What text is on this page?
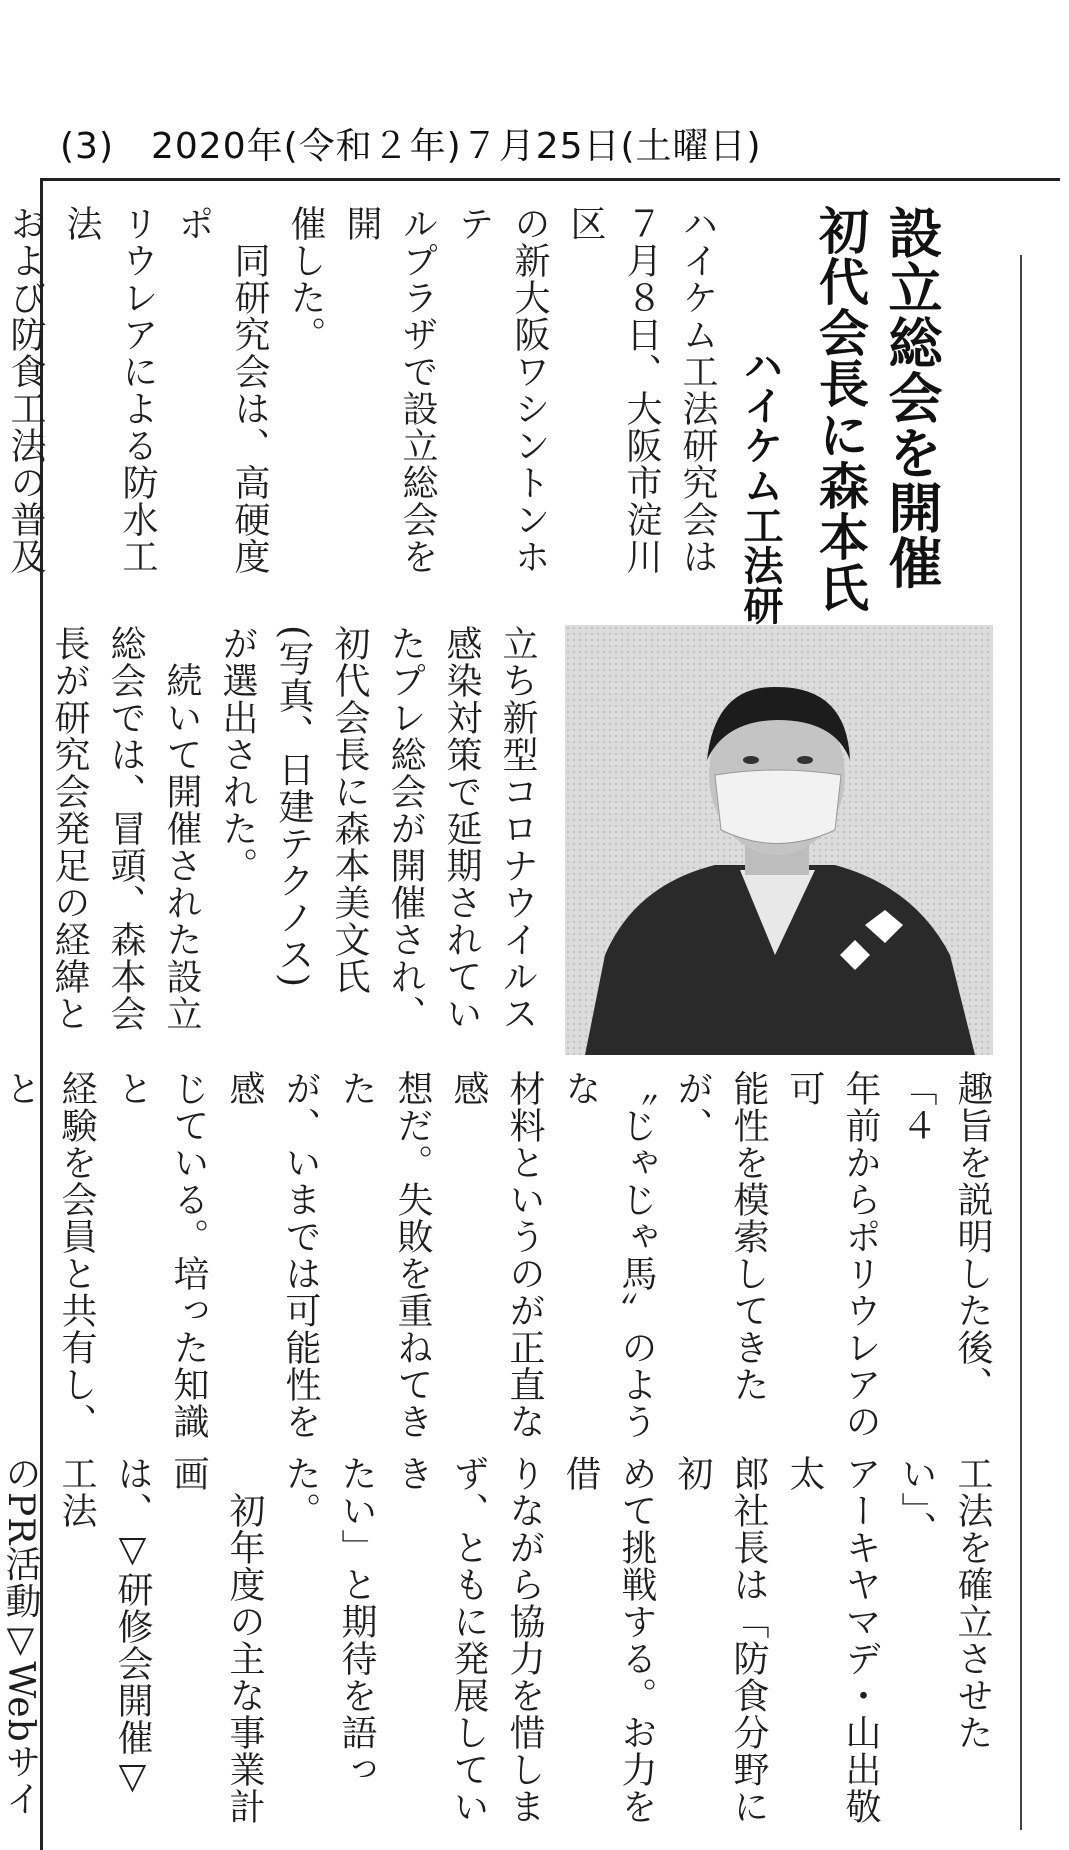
(3)　2020年(令和２年)７月25日(土曜日)
設立総会を開催
初代会長に森本氏
ハイケム工法研
ハイケム工法研究会は
７月８日、大阪市淀川区
の新大阪ワシントンホテ
ルプラザで設立総会を開
催した。
　同研究会は、高硬度ポ
リウレアによる防水工法
および防食工法の普及

立ち新型コロナウイルス
感染対策で延期されてい
たプレ総会が開催され、
初代会長に森本美文氏
(写真、日建テクノス)
が選出された。
　続いて開催された設立
総会では、冒頭、森本会
長が研究会発足の経緯と
趣旨を説明した後、「４
年前からポリウレアの可
能性を模索してきたが、
〝じゃじゃ馬〟のような
材料というのが正直な感
想だ。失敗を重ねてきた
が、いまでは可能性を感
じている。培った知識と
経験を会員と共有し、と

工法を確立させたい」、
アーキヤマデ・山出敬太
郎社長は「防食分野に初
めて挑戦する。お力を借
りながら協力を惜しま
ず、ともに発展していき
たい」と期待を語った。
　初年度の主な事業計画
は、▽研修会開催▽工法
のPR活動▽Webサイ
